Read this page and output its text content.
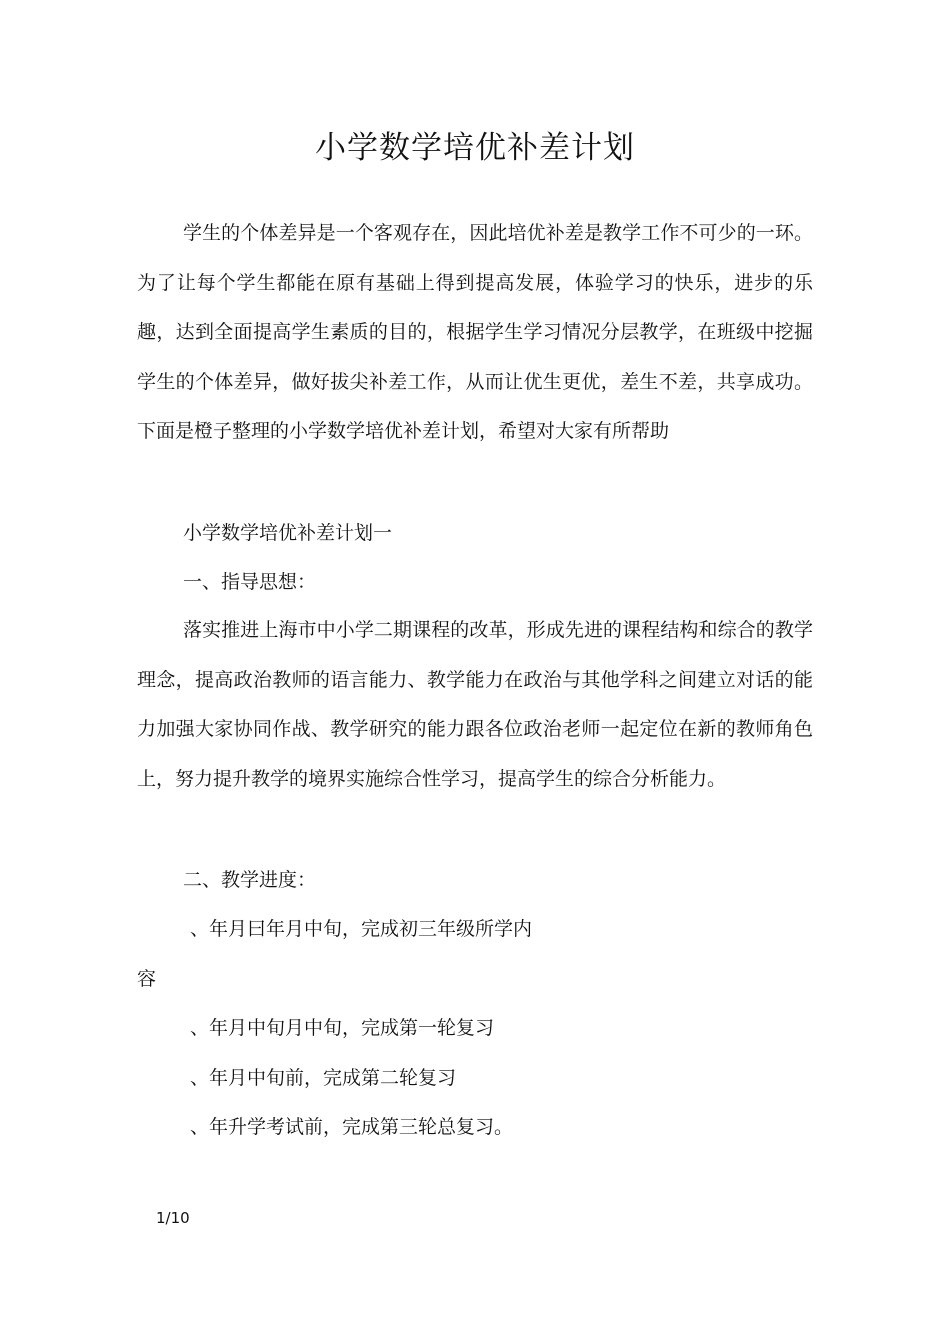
小学数学培优补差计划
学生的个体差异是一个客观存在，因此培优补差是教学工作不可少的一环。为了让每个学生都能在原有基础上得到提高发展，体验学习的快乐，进步的乐趣，达到全面提高学生素质的目的，根据学生学习情况分层教学，在班级中挖掘学生的个体差异，做好拔尖补差工作，从而让优生更优，差生不差，共享成功。下面是橙子整理的小学数学培优补差计划，希望对大家有所帮助
小学数学培优补差计划一
一、指导思想：
落实推进上海市中小学二期课程的改革，形成先进的课程结构和综合的教学理念，提高政治教师的语言能力、教学能力在政治与其他学科之间建立对话的能力加强大家协同作战、教学研究的能力跟各位政治老师一起定位在新的教师角色上，努力提升教学的境界实施综合性学习，提高学生的综合分析能力。
二、教学进度：
、年月曰年月中旬，完成初三年级所学内
容
、年月中旬月中旬，完成第一轮复习
、年月中旬前，完成第二轮复习
、年升学考试前，完成第三轮总复习。
1/10
